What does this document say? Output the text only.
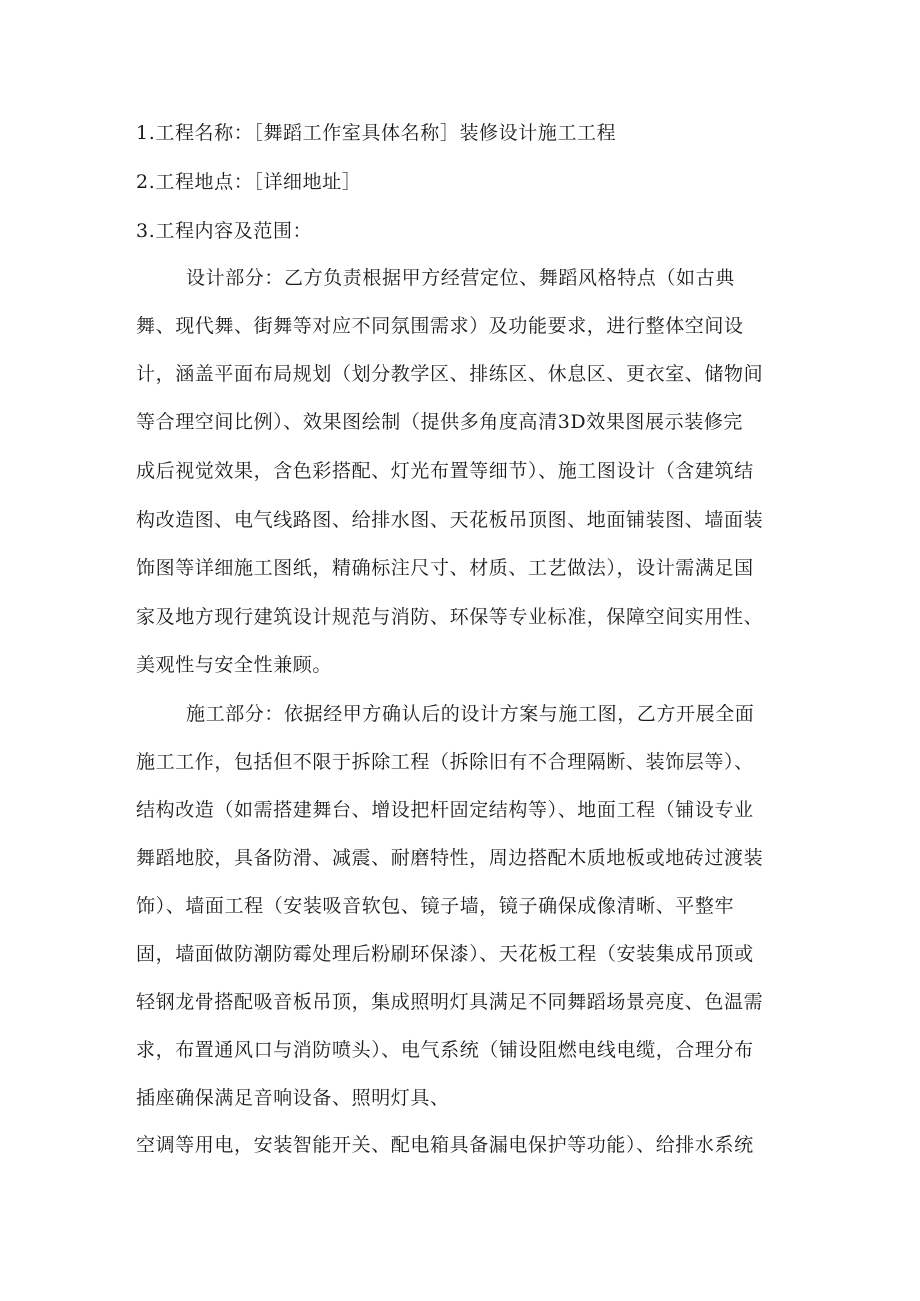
1.工程名称：［舞蹈工作室具体名称］装修设计施工工程
2.工程地点：［详细地址］
3.工程内容及范围：
设计部分：乙方负责根据甲方经营定位、舞蹈风格特点（如古典
舞、现代舞、街舞等对应不同氛围需求）及功能要求，进行整体空间设
计，涵盖平面布局规划（划分教学区、排练区、休息区、更衣室、储物间
等合理空间比例）、效果图绘制（提供多角度高清3D效果图展示装修完
成后视觉效果，含色彩搭配、灯光布置等细节）、施工图设计（含建筑结
构改造图、电气线路图、给排水图、天花板吊顶图、地面铺装图、墙面装
饰图等详细施工图纸，精确标注尺寸、材质、工艺做法），设计需满足国
家及地方现行建筑设计规范与消防、环保等专业标准，保障空间实用性、
美观性与安全性兼顾。
施工部分：依据经甲方确认后的设计方案与施工图，乙方开展全面
施工工作，包括但不限于拆除工程（拆除旧有不合理隔断、装饰层等）、
结构改造（如需搭建舞台、增设把杆固定结构等）、地面工程（铺设专业
舞蹈地胶，具备防滑、减震、耐磨特性，周边搭配木质地板或地砖过渡装
饰）、墙面工程（安装吸音软包、镜子墙，镜子确保成像清晰、平整牢
固，墙面做防潮防霉处理后粉刷环保漆）、天花板工程（安装集成吊顶或
轻钢龙骨搭配吸音板吊顶，集成照明灯具满足不同舞蹈场景亮度、色温需
求，布置通风口与消防喷头）、电气系统（铺设阻燃电线电缆，合理分布
插座确保满足音响设备、照明灯具、
空调等用电，安装智能开关、配电箱具备漏电保护等功能）、给排水系统
